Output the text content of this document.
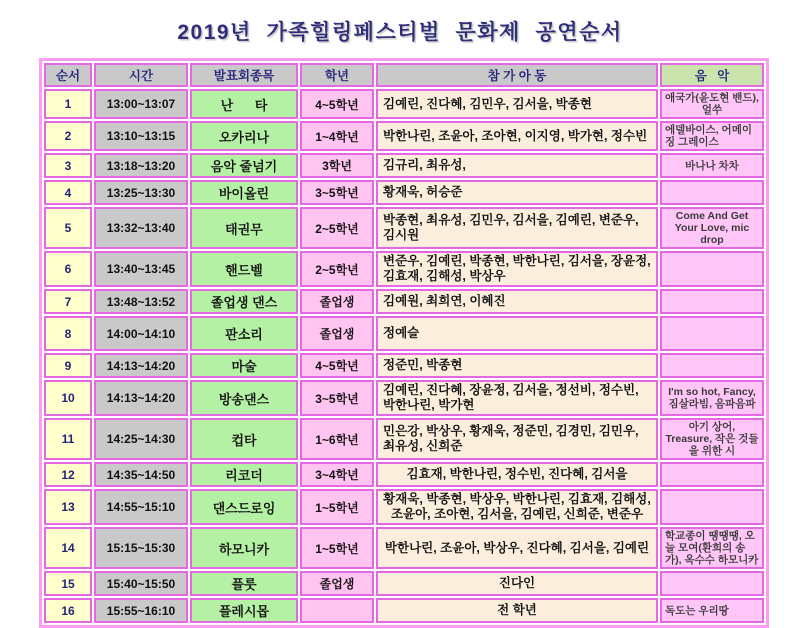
2019년  가족힐링페스티벌  문화제  공연순서
순서	시간	발표회종목	학년	참 가 아 동	음   악
1	13:00~13:07	난      타	4~5학년	김예린, 진다혜, 김민우, 김서을, 박종현	애국가(윤도현 밴드), 얼쑤
2	13:10~13:15	오카리나	1~4학년	박한나린, 조윤아, 조아현, 이지영, 박가현, 정수빈	에델바이스, 어메이징 그레이스
3	13:18~13:20	음악 줄넘기	3학년	김규리, 최유성,	바나나 차차
4	13:25~13:30	바이올린	3~5학년	황재욱, 허승준	
5	13:32~13:40	태권무	2~5학년	박종현, 최유성, 김민우, 김서을, 김예린, 변준우, 김시원	Come And Get Your Love, mic drop
6	13:40~13:45	핸드벨	2~5학년	변준우, 김예린, 박종현, 박한나린, 김서을, 장윤정, 김효재, 김해성, 박상우	
7	13:48~13:52	졸업생 댄스	졸업생	김예원, 최희연, 이혜진	
8	14:00~14:10	판소리	졸업생	정예슬	
9	14:13~14:20	마술	4~5학년	정준민, 박종현	
10	14:13~14:20	방송댄스	3~5학년	김예린, 진다혜, 장윤정, 김서을, 정선비, 정수빈, 박한나린, 박가현	I'm so hot, Fancy, 짐살라빔, 음파음파
11	14:25~14:30	컵타	1~6학년	민은강, 박상우, 황재욱, 정준민, 김경민, 김민우, 최유성, 신희준	아기 상어, Treasure, 작은 것들을 위한 시
12	14:35~14:50	리코더	3~4학년	김효재, 박한나린, 정수빈, 진다혜, 김서을	
13	14:55~15:10	댄스드로잉	1~5학년	황재욱, 박종현, 박상우, 박한나린, 김효재, 김해성, 조윤아, 조아현, 김서을, 김예린, 신희준, 변준우	
14	15:15~15:30	하모니카	1~5학년	박한나린, 조윤아, 박상우, 진다혜, 김서을, 김예린	학교종이 땡땡땡, 오늘 모여(환희의 송가), 옥수수 하모니카
15	15:40~15:50	플룻	졸업생	진다인	
16	15:55~16:10	플레시몹		전 학년	독도는 우리땅
